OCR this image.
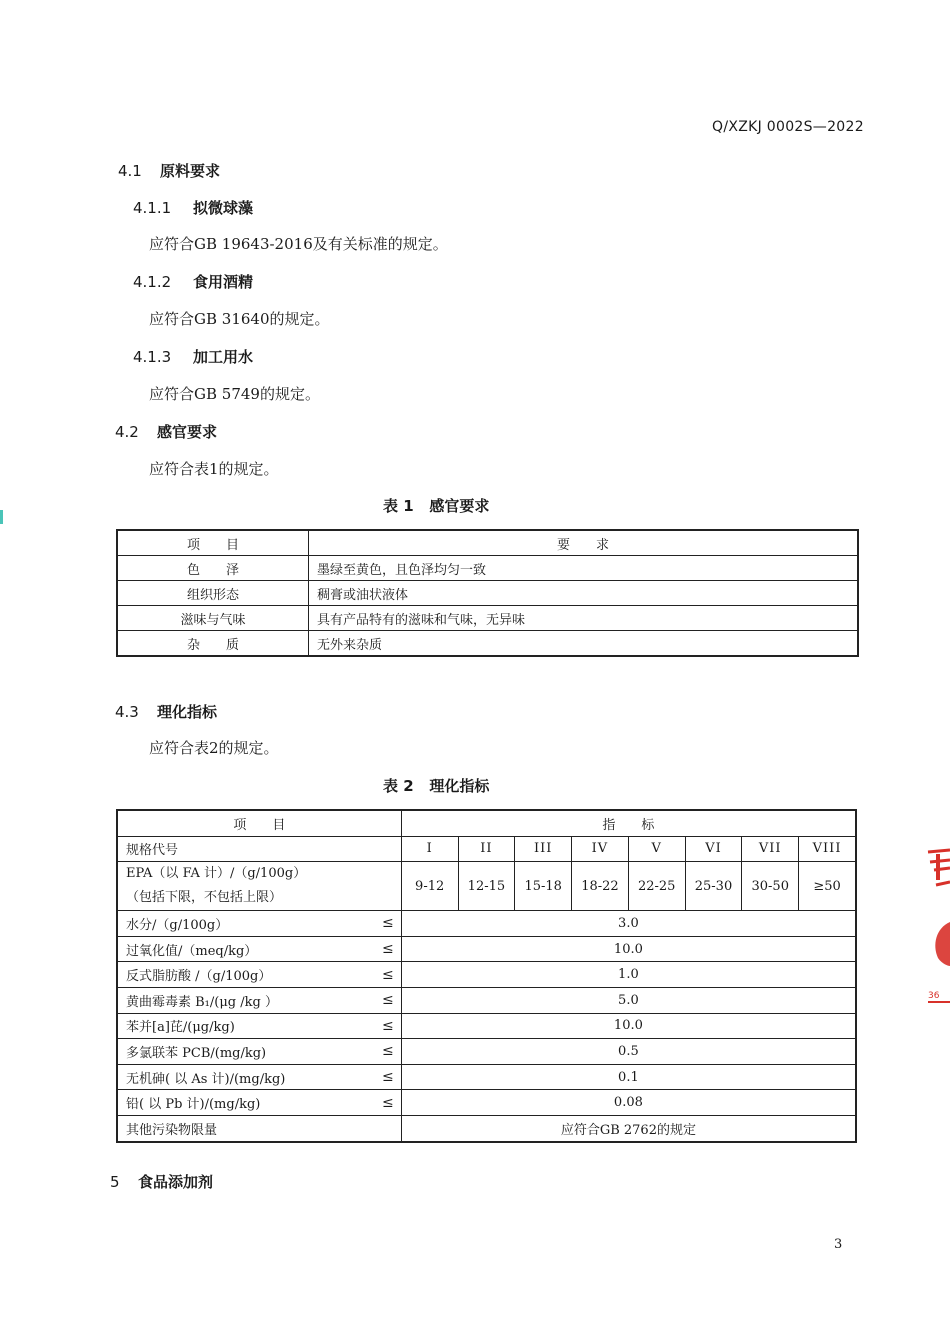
Q/XZKJ 0002S—2022
4.1 原料要求
4.1.1 拟微球藻
应符合GB 19643-2016及有关标准的规定。
4.1.2 食用酒精
应符合GB 31640的规定。
4.1.3 加工用水
应符合GB 5749的规定。
4.2 感官要求
应符合表1的规定。
表 1 感官要求
项　　目	要　　求
色　　泽	墨绿至黄色，且色泽均匀一致
组织形态	稠膏或油状液体
滋味与气味	具有产品特有的滋味和气味，无异味
杂　　质	无外来杂质
4.3 理化指标
应符合表2的规定。
表 2 理化指标
项　　目		指　　标							
规格代号		I	II	III	IV	V	VI	VII	VIII

EPA（以 FA 计）/（g/100g）
（包括下限，不包括上限）		9-12	12-15	15-18	18-22	22-25	25-30	30-50	≥50
水分/（g/100g）	≤	3.0							
过氧化值/（meq/kg）	≤	10.0							
反式脂肪酸 /（g/100g）	≤	1.0							
黄曲霉毒素 B₁/(μg /kg ）	≤	5.0							
苯并[a]芘/(μg/kg)	≤	10.0							
多氯联苯 PCB/(mg/kg)	≤	0.5							
无机砷( 以 As 计)/(mg/kg)	≤	0.1							
铅( 以 Pb 计)/(mg/kg)	≤	0.08							
其他污染物限量		应符合GB 2762的规定							
5 食品添加剂
3
36
